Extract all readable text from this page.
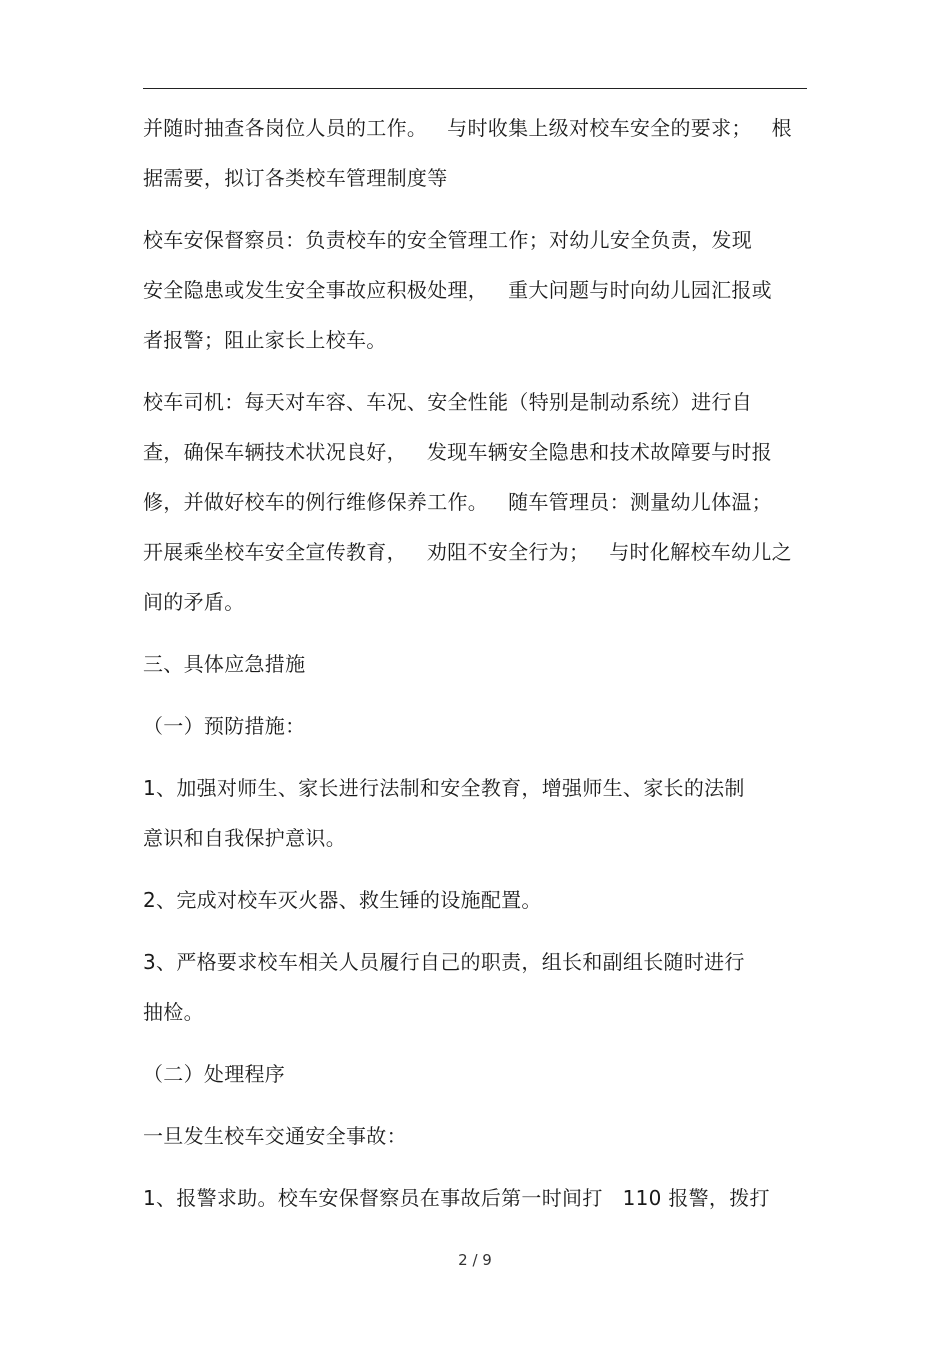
并随时抽查各岗位人员的工作。   与时收集上级对校车安全的要求；   根
据需要，拟订各类校车管理制度等
校车安保督察员：负责校车的安全管理工作；对幼儿安全负责，发现
安全隐患或发生安全事故应积极处理，   重大问题与时向幼儿园汇报或
者报警；阻止家长上校车。
校车司机：每天对车容、车况、安全性能（特别是制动系统）进行自
查，确保车辆技术状况良好，   发现车辆安全隐患和技术故障要与时报
修，并做好校车的例行维修保养工作。   随车管理员：测量幼儿体温；
开展乘坐校车安全宣传教育，   劝阻不安全行为；   与时化解校车幼儿之
间的矛盾。
三、具体应急措施
（一）预防措施：
1、加强对师生、家长进行法制和安全教育，增强师生、家长的法制
意识和自我保护意识。
2、完成对校车灭火器、救生锤的设施配置。
3、严格要求校车相关人员履行自己的职责，组长和副组长随时进行
抽检。
（二）处理程序
一旦发生校车交通安全事故：
1、报警求助。校车安保督察员在事故后第一时间打   110 报警，拨打
2 / 9
